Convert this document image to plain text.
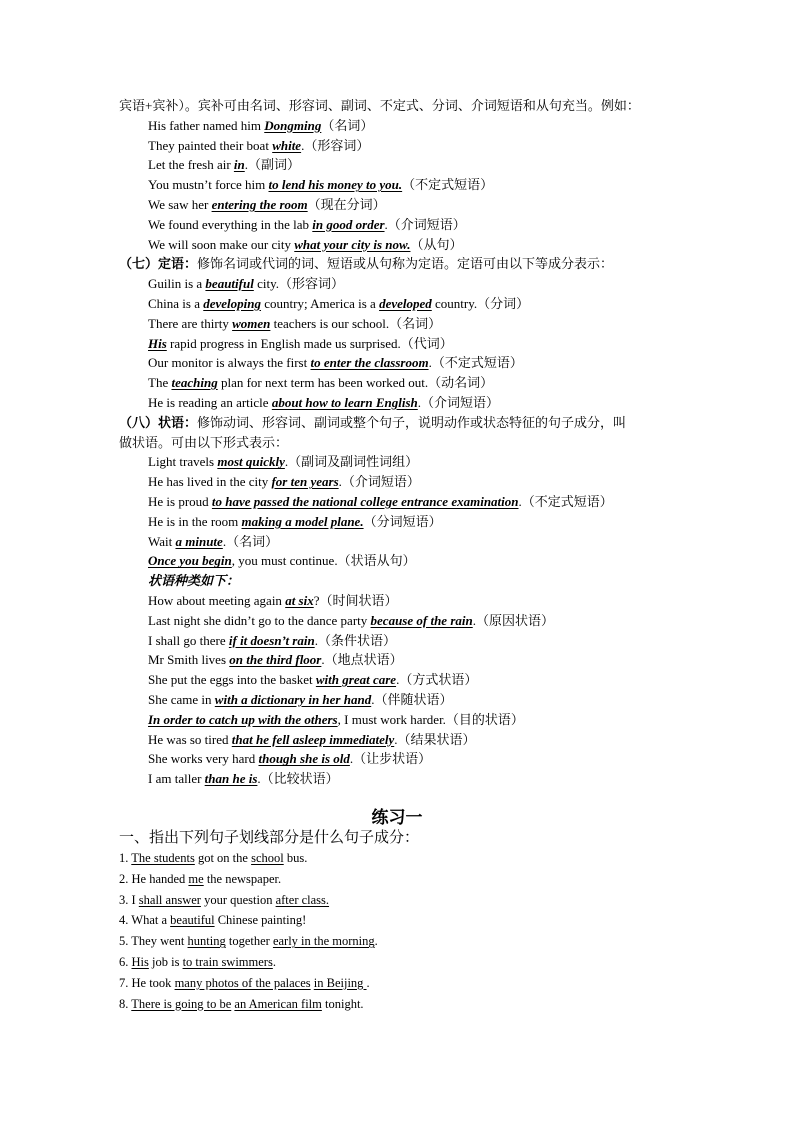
宾语+宾补）。宾补可由名词、形容词、副词、不定式、分词、介词短语和从句充当。例如：
His father named him Dongming（名词）
They painted their boat white.（形容词）
Let the fresh air in.（副词）
You mustn’t force him to lend his money to you.（不定式短语）
We saw her entering the room（现在分词）
We found everything in the lab in good order.（介词短语）
We will soon make our city what your city is now.（从句）
（七）定语：修饰名词或代词的词、短语或从句称为定语。定语可由以下等成分表示：
Guilin is a beautiful city.（形容词）
China is a developing country; America is a developed country.（分词）
There are thirty women teachers is our school.（名词）
His rapid progress in English made us surprised.（代词）
Our monitor is always the first to enter the classroom.（不定式短语）
The teaching plan for next term has been worked out.（动名词）
He is reading an article about how to learn English.（介词短语）
（八）状语：修饰动词、形容词、副词或整个句子，说明动作或状态特征的句子成分，叫
做状语。可由以下形式表示：
Light travels most quickly.（副词及副词性词组）
He has lived in the city for ten years.（介词短语）
He is proud to have passed the national college entrance examination.（不定式短语）
He is in the room making a model plane.（分词短语）
Wait a minute.（名词）
Once you begin, you must continue.（状语从句）
状语种类如下：
How about meeting again at six?（时间状语）
Last night she didn’t go to the dance party because of the rain.（原因状语）
I shall go there if it doesn’t rain.（条件状语）
Mr Smith lives on the third floor.（地点状语）
She put the eggs into the basket with great care.（方式状语）
She came in with a dictionary in her hand.（伴随状语）
In order to catch up with the others, I must work harder.（目的状语）
He was so tired that he fell asleep immediately.（结果状语）
She works very hard though she is old.（让步状语）
I am taller than he is.（比较状语）
练习一
一、指出下列句子划线部分是什么句子成分：
1. The students got on the school bus.
2. He handed me the newspaper.
3. I shall answer your question after class.
4. What a beautiful Chinese painting!
5. They went hunting together early in the morning.
6. His job is to train swimmers.
7. He took many photos of the palaces in Beijing .
8. There is going to be an American film tonight.
